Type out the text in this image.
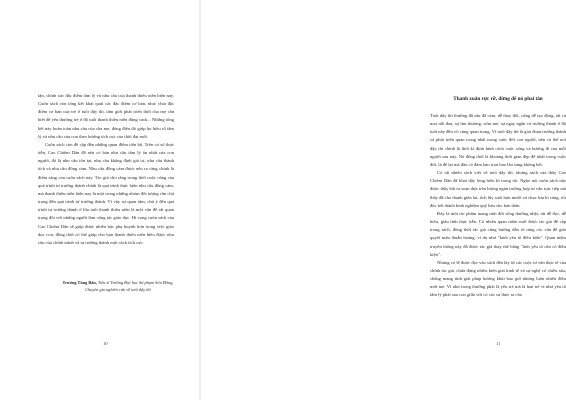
tận, chính xác đặc điểm tâm lý và nhu cầu của thanh thiếu niên hiện nay. Cuốn sách còn tổng kết khái quát các đặc điểm cơ bản, như: chia đặc điểm cơ bản của trẻ ở tuổi dậy thì, tâm giới phát triển thời cha mẹ cần biết để yêu thương trẻ ở độ tuổi thanh thiếu niên đúng cách... Những tổng kết này hoàn toàn nhu cầu của cha mẹ, đóng điều đó giúp họ hiểu rõ tâm lý và nhu cầu của con theo hướng tích cực của thời đại mới.

Cuốn sách còn đề cập đến những quan điểm tiến bộ. Trên cơ sở thực tiễn, Cao Chiêm Dân đã nêu có bản nhu cầu tâm lý ẩn nhất của con người, đó là nhu cầu tôn tại, nhu cầu khẳng định giá trị, nhu cầu thành tích và nhu cầu đồng cảm. Nhu cầu đồng cảm được nêu ra càng chính là điểm sáng của cuốn sách này. Tác giả cho rằng trong thời cuộc cũng của quá trình tư trưởng thành chính là quá trình thực hiện nhu cầu đồng cảm, mà thanh thiếu niên hiện nay là một trong những nhóm đối tượng cần chú trọng đến quá trình tự trưởng thành. Vì vậy sự quan tâm, chú ý đến quá trình tự trưởng thành ở lứa tuổi thanh thiếu niên là một vấn đề rất quan trọng đối với những người làm công tác giáo dục. Hi vọng cuốn sách của Cao Chiêm Dân sẽ giúp được nhiều bậc phụ huynh hơn trong việc giáo dục con, đồng thời có thể giúp cho bạn thanh thiếu niên hiểu được nhu cầu của chính mình và tự trưởng thành một cách tích cực.

Trương Tùng Bân, Tiến sĩ Trường Đại học Sư phạm Sơn Đông, Chuyên gia nghiên cứu về tuổi dậy thì
10
Thanh xuân rực rỡ, đừng để nó phai tàn

Tuổi dậy thì thường đã sâu đã cảm, dễ thay đổi, cứng dễ tạo động, tất cả mọi nỗi đau, sự tìm thương, sớm mẹ: sự ngay ngắn và trường thành ở độ tuổi này đều vô cùng quan trọng. Vì tuổi dậy thì là giai đoạn trưởng thành và phát triển quan trọng nhất trong cuộc đời con người, nên có thể nói dậy thì chính là thời kì định hình cách cuộc sống và hướng đi của mỗi người sau này. Nó đồng thời là khoảng thời gian đẹp đẽ nhất trong cuộc đời, là để lại mà đâu có đảm bảo trọn bao lâu sáng không hết.

Có rất nhiều sách viết về tuổi dậy thì, nhưng sách của thầy Cao Chiêm Dân đã khai dậy lòng hiếu kì trong tôi. Nghe nói cuốn sách này được thầy bắt tu soạn dựa trên lượng ngàn trường hợp tư vấn trực tiếp mà thầy đã cho thanh giên lai, tích lũy suốt hợn mười và chục lưu kì càng, rồi đúc kết thành kinh nghiệm quý báu cho bản thân.

Đây là một tác phẩm mang tinh đời sống thường nhật, rất dễ đọc, dễ hiểu, giàu tính thực tiễn. Có nhiều quan niệm mới được tác giả đề cập trong sách, đồng thời tác giả cũng hướng dẫn rõ ràng các vấn đề giải quyết mâu thuẫn hoàng, ví dụ như "kinh yêu tô điều kiện". Quan niệm truyền thống này đã được tác giả thay thế bằng "tình yêu tô cần có điều kiện".

Nhưng có lẽ được đọc vào sách đến lấy từ các cuộc tư vấn thực tế của chính tác giả, chứa đựng nhiều biến giải kinh tế và sự nghệ có chiều sâu, chẳng mang tính giải pháp hướng khúi bao giờ nhưng luôn nhiều điều mới mẻ. Vì như trong thường phải là yêu trẻ mà là hạn trẻ vì như yêu tô tâm lý phải sau con giữa với có các sự thực ra cho

11
